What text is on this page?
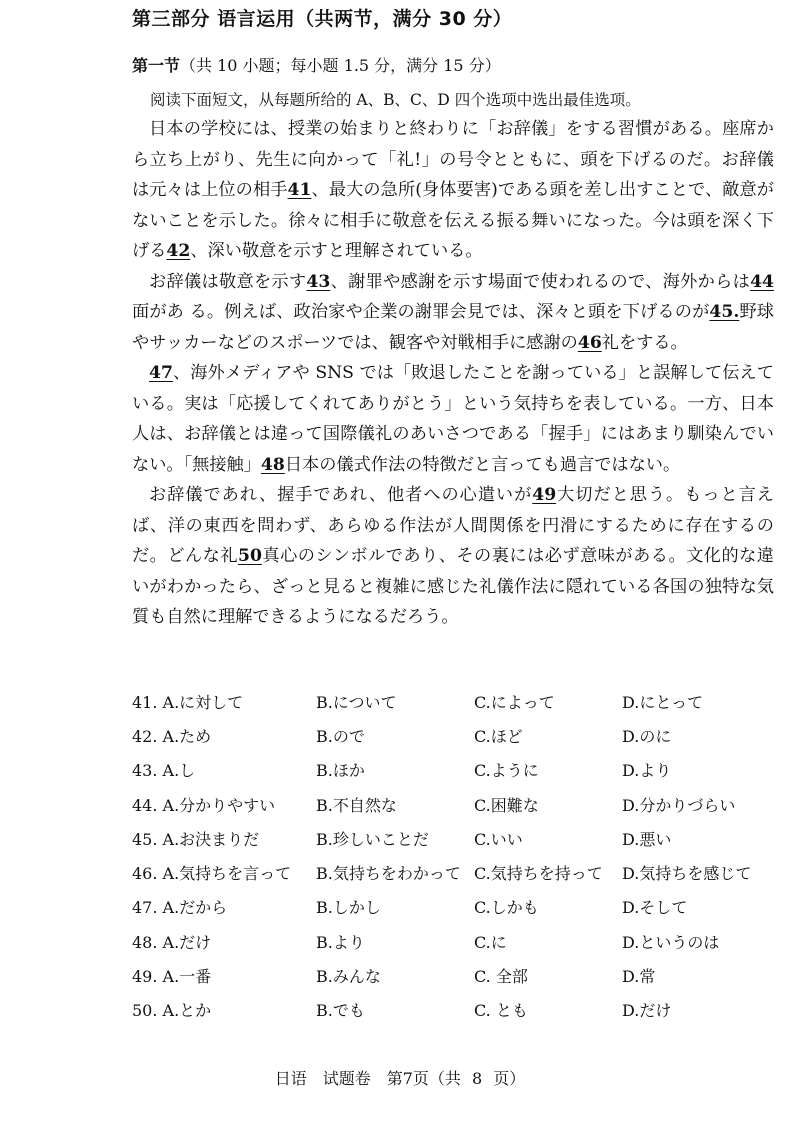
第三部分 语言运用（共两节，满分 30 分）
第一节（共 10 小题；每小题 1.5 分，满分 15 分）
阅读下面短文，从每题所给的 A、B、C、D 四个选项中选出最佳选项。

日本の学校には、授業の始まりと終わりに「お辞儀」をする習慣がある。座席から立ち上がり、先生に向かって「礼!」の号令とともに、頭を下げるのだ。お辞儀は元々は上位の相手41、最大の急所(身体要害)である頭を差し出すことで、敵意がないことを示した。徐々に相手に敬意を伝える振る舞いになった。今は頭を深く下げる42、深い敬意を示すと理解されている。

お辞儀は敬意を示す43、謝罪や感謝を示す場面で使われるので、海外からは44面があ る。例えば、政治家や企業の謝罪会見では、深々と頭を下げるのが45.野球やサッカーなどのスポーツでは、観客や対戦相手に感謝の46礼をする。

47、海外メディアや SNS では「敗退したことを謝っている」と誤解して伝えている。実は「応援してくれてありがとう」という気持ちを表している。一方、日本人は、お辞儀とは違って国際儀礼のあいさつである「握手」にはあまり馴染んでいない。「無接触」48日本の儀式作法の特徴だと言っても過言ではない。

お辞儀であれ、握手であれ、他者への心遣いが49大切だと思う。もっと言えば、洋の東西を問わず、あらゆる作法が人間関係を円滑にするために存在するのだ。どんな礼50真心のシンボルであり、その裏には必ず意味がある。文化的な違いがわかったら、ざっと見ると複雑に感じた礼儀作法に隠れている各国の独特な気質も自然に理解できるようになるだろう。

41. A.に対して	B.について	C.によって	D.にとって
42. A.ため	B.ので	C.ほど	D.のに
43. A.し	B.ほか	C.ように	D.より
44. A.分かりやすい	B.不自然な	C.困難な	D.分かりづらい
45. A.お決まりだ	B.珍しいことだ	C.いい	D.悪い
46. A.気持ちを言って	B.気持ちをわかって C.気持ちを持って	D.気持ちを感じて
47. A.だから	B.しかし	C.しかも	D.そして
48. A.だけ	B.より	C.に	D.というのは
49. A.一番	B.みんな	C. 全部	D.常
50. A.とか	B.でも	C. とも	D.だけ
日语　试题卷　第7页（共 8 页）
